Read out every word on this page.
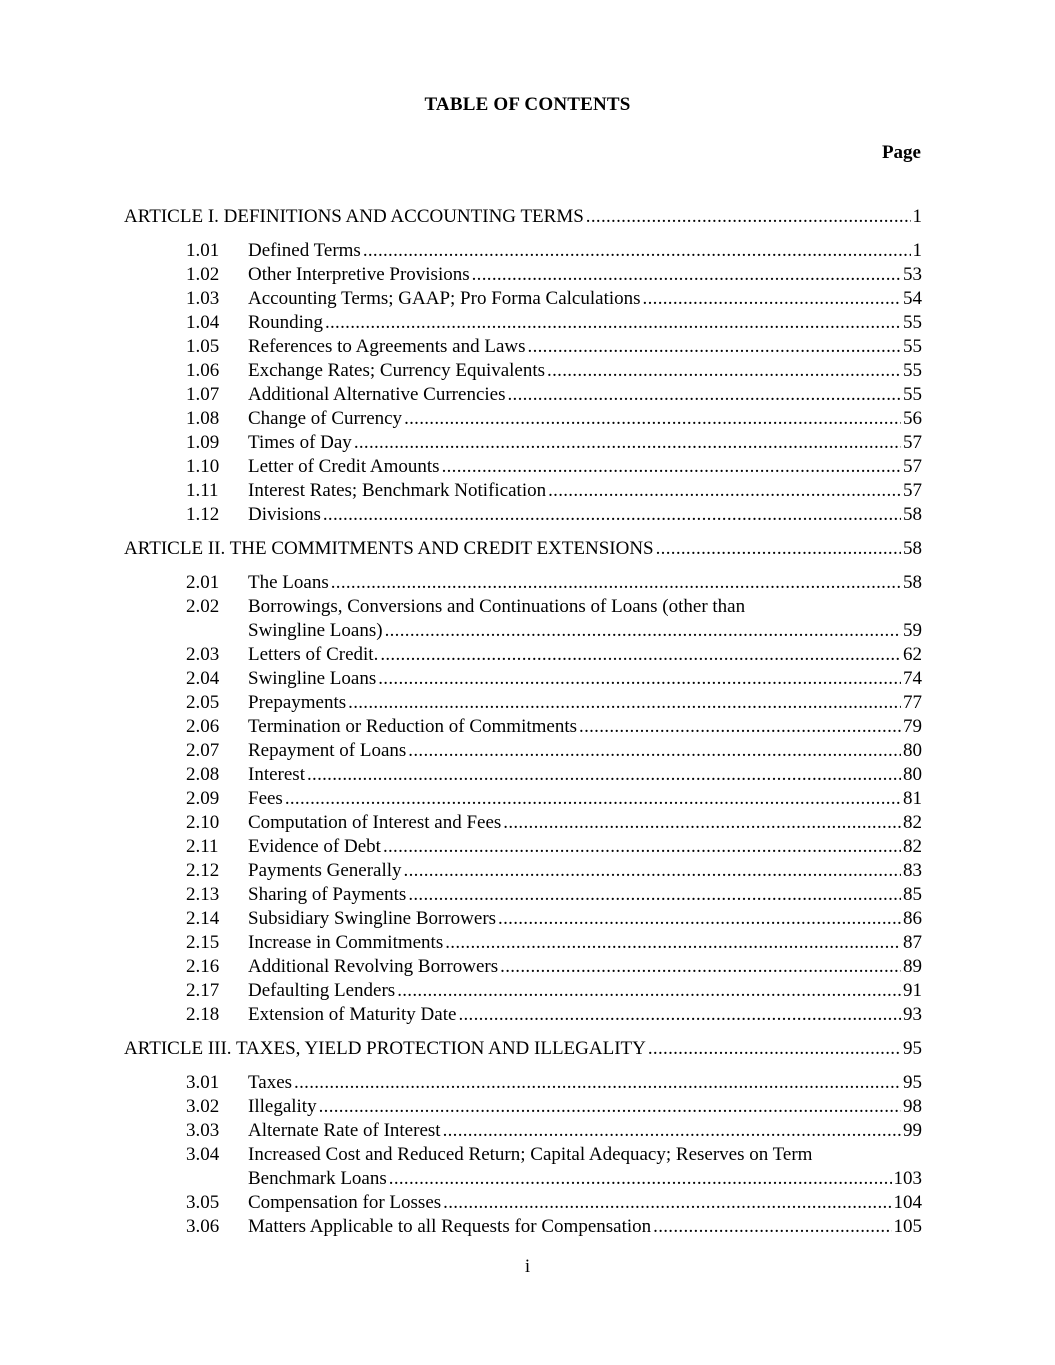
TABLE OF CONTENTS
Page
ARTICLE I. DEFINITIONS AND ACCOUNTING TERMS .....	1
1.01	Defined Terms .....	1
1.02	Other Interpretive Provisions .....	53
1.03	Accounting Terms; GAAP; Pro Forma Calculations .....	54
1.04	Rounding .....	55
1.05	References to Agreements and Laws .....	55
1.06	Exchange Rates; Currency Equivalents .....	55
1.07	Additional Alternative Currencies .....	55
1.08	Change of Currency .....	56
1.09	Times of Day .....	57
1.10	Letter of Credit Amounts .....	57
1.11	Interest Rates; Benchmark Notification .....	57
1.12	Divisions .....	58
ARTICLE II. THE COMMITMENTS AND CREDIT EXTENSIONS .....	58
2.01	The Loans .....	58
2.02	Borrowings, Conversions and Continuations of Loans (other than
Swingline Loans) .....	59
2.03	Letters of Credit. .....	62
2.04	Swingline Loans .....	74
2.05	Prepayments .....	77
2.06	Termination or Reduction of Commitments .....	79
2.07	Repayment of Loans .....	80
2.08	Interest .....	80
2.09	Fees .....	81
2.10	Computation of Interest and Fees .....	82
2.11	Evidence of Debt .....	82
2.12	Payments Generally .....	83
2.13	Sharing of Payments .....	85
2.14	Subsidiary Swingline Borrowers .....	86
2.15	Increase in Commitments .....	87
2.16	Additional Revolving Borrowers .....	89
2.17	Defaulting Lenders .....	91
2.18	Extension of Maturity Date .....	93
ARTICLE III. TAXES, YIELD PROTECTION AND ILLEGALITY .....	95
3.01	Taxes .....	95
3.02	Illegality .....	98
3.03	Alternate Rate of Interest .....	99
3.04	Increased Cost and Reduced Return; Capital Adequacy; Reserves on Term
Benchmark Loans .....	103
3.05	Compensation for Losses .....	104
3.06	Matters Applicable to all Requests for Compensation .....	105
i
